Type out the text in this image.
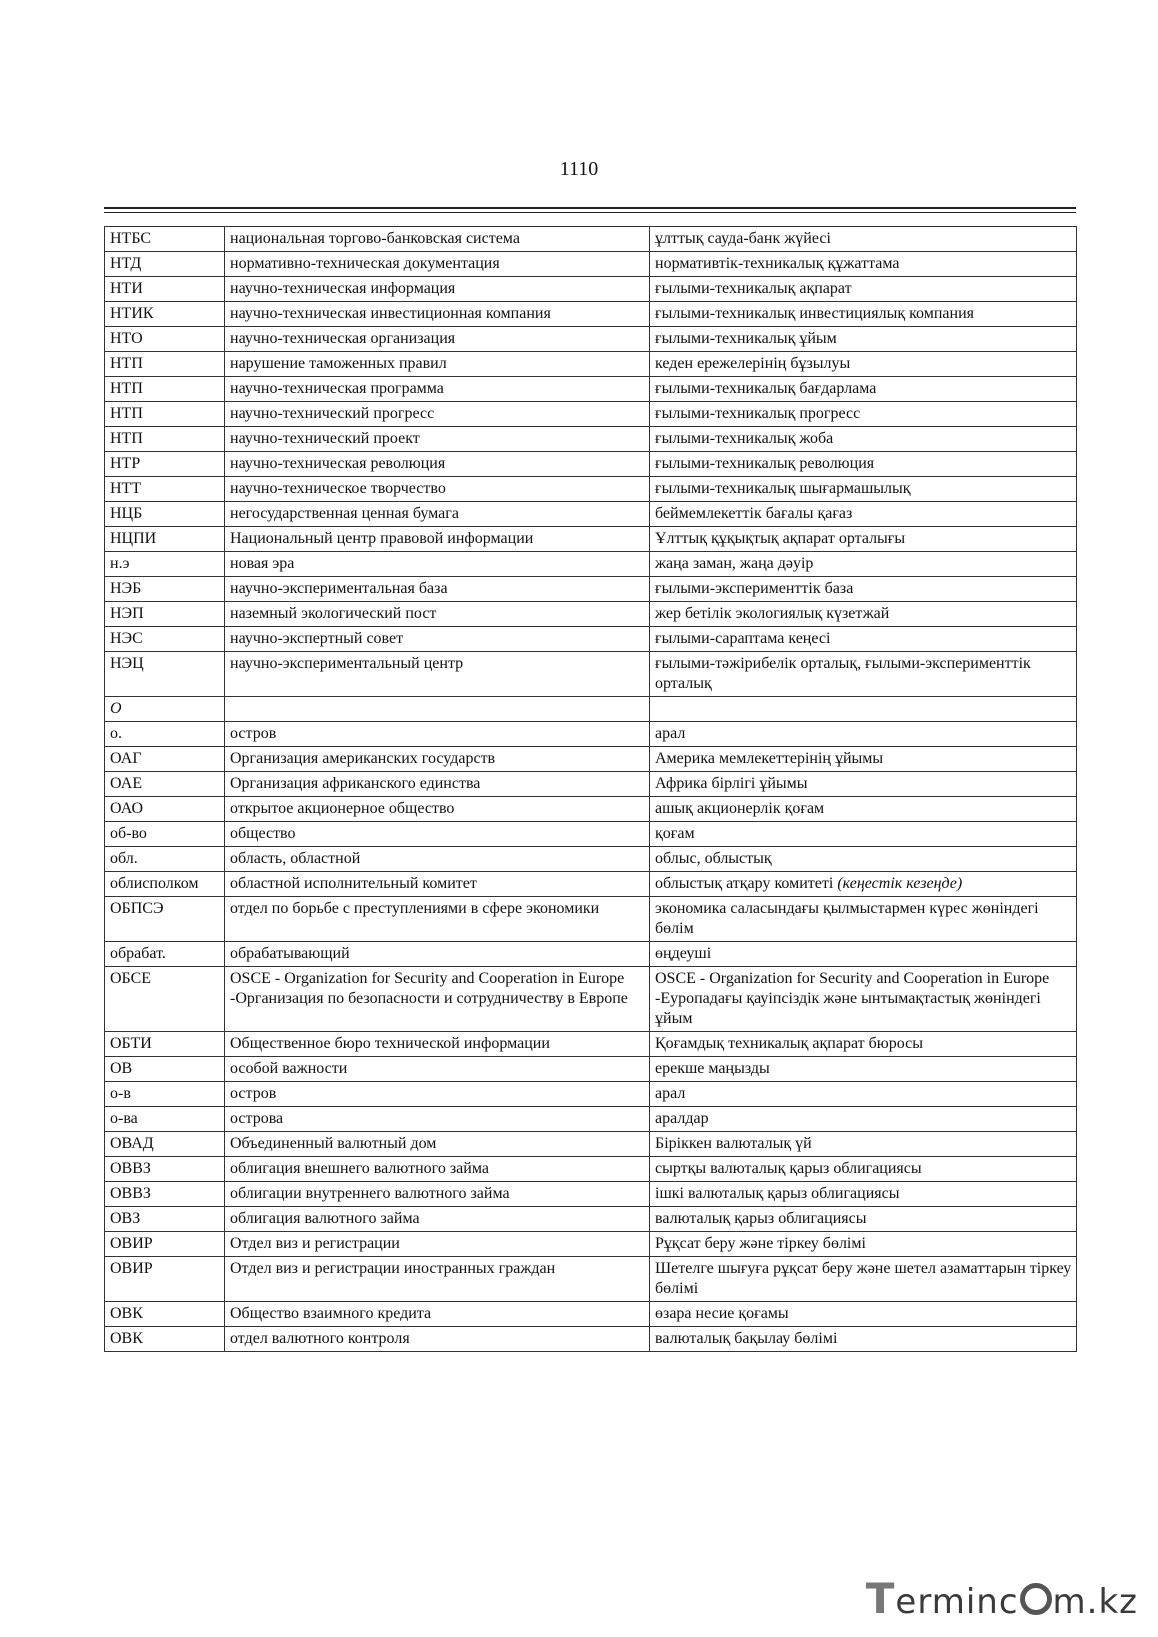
1110
НТБС	национальная торгово-банковская система	ұлттық сауда-банк жүйесі
НТД	нормативно-техническая документация	нормативтік-техникалық құжаттама
НТИ	научно-техническая информация	ғылыми-техникалық ақпарат
НТИК	научно-техническая инвестиционная компания	ғылыми-техникалық инвестициялық компания
НТО	научно-техническая организация	ғылыми-техникалық ұйым
НТП	нарушение таможенных правил	кеден ережелерінің бұзылуы
НТП	научно-техническая программа	ғылыми-техникалық бағдарлама
НТП	научно-технический прогресс	ғылыми-техникалық прогресс
НТП	научно-технический проект	ғылыми-техникалық жоба
НТР	научно-техническая революция	ғылыми-техникалық революция
НТТ	научно-техническое творчество	ғылыми-техникалық шығармашылық
НЦБ	негосударственная ценная бумага	беймемлекеттік бағалы қағаз
НЦПИ	Национальный центр правовой информации	Ұлттық құқықтық ақпарат орталығы
н.э	новая эра	жаңа заман, жаңа дәуір
НЭБ	научно-экспериментальная база	ғылыми-эксперименттік база
НЭП	наземный экологический пост	жер бетілік экологиялық күзетжай
НЭС	научно-экспертный совет	ғылыми-сараптама кеңесі
НЭЦ	научно-экспериментальный центр	ғылыми-тәжірибелік орталық, ғылыми-эксперименттік орталық
О		
о.	остров	арал
ОАГ	Организация американских государств	Америка мемлекеттерінің ұйымы
ОАЕ	Организация африканского единства	Африка бірлігі ұйымы
ОАО	открытое акционерное общество	ашық акционерлік қоғам
об-во	общество	қоғам
обл.	область, областной	облыс, облыстық
облисполком	областной исполнительный комитет	облыстық атқару комитеті (кеңестік кезеңде)
ОБПСЭ	отдел по борьбе с преступлениями в сфере экономики	экономика саласындағы қылмыстармен күрес жөніндегі бөлім
обрабат.	обрабатывающий	өңдеуші
ОБСЕ	OSCE - Organization for Security and Cooperation in Europe -Организация по безопасности и сотрудничеству в Европе	OSCE - Organization for Security and Cooperation in Europe -Еуропадағы қауіпсіздік және ынтымақтастық жөніндегі ұйым
ОБТИ	Общественное бюро технической информации	Қоғамдық техникалық ақпарат бюросы
ОВ	особой важности	ерекше маңызды
о-в	остров	арал
о-ва	острова	аралдар
ОВАД	Объединенный валютный дом	Біріккен валюталық үй
ОВВЗ	облигация внешнего валютного займа	сыртқы валюталық қарыз облигациясы
ОВВЗ	облигации внутреннего валютного займа	ішкі валюталық қарыз облигациясы
ОВЗ	облигация валютного займа	валюталық қарыз облигациясы
ОВИР	Отдел виз и регистрации	Рұқсат беру және тіркеу бөлімі
ОВИР	Отдел виз и регистрации иностранных граждан	Шетелге шығуға рұқсат беру және шетел азаматтарын тіркеу бөлімі
ОВК	Общество взаимного кредита	өзара несие қоғамы
ОВК	отдел валютного контроля	валюталық бақылау бөлімі
Terminc m.kz
